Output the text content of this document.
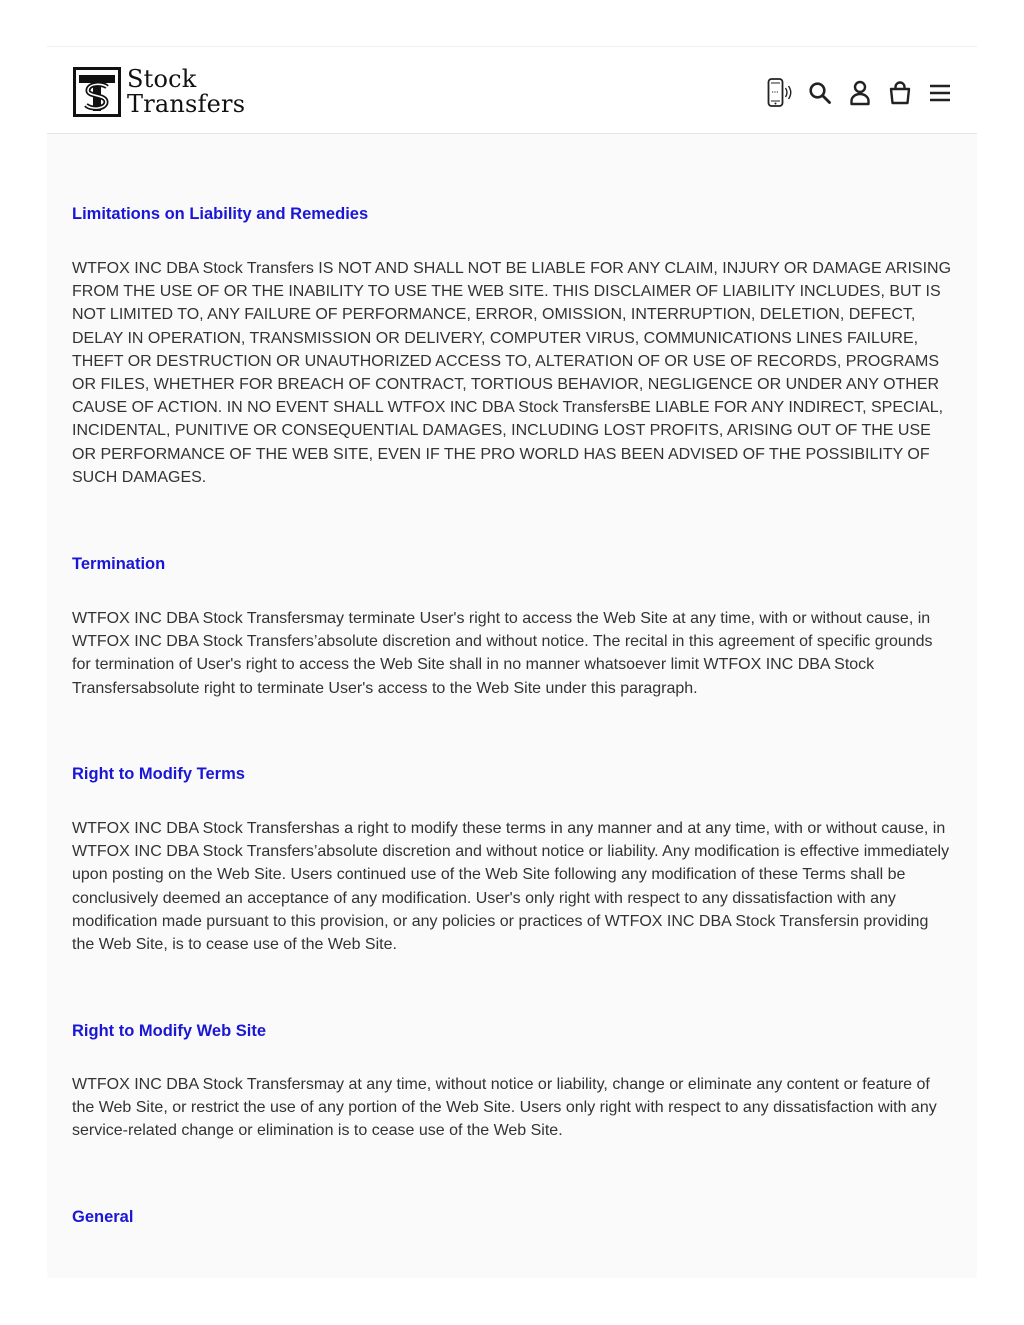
Limitations on Liability and Remedies

WTFOX INC DBA Stock Transfers IS NOT AND SHALL NOT BE LIABLE FOR ANY CLAIM, INJURY OR DAMAGE ARISING FROM THE USE OF OR THE INABILITY TO USE THE WEB SITE. THIS DISCLAIMER OF LIABILITY INCLUDES, BUT IS NOT LIMITED TO, ANY FAILURE OF PERFORMANCE, ERROR, OMISSION, INTERRUPTION, DELETION, DEFECT, DELAY IN OPERATION, TRANSMISSION OR DELIVERY, COMPUTER VIRUS, COMMUNICATIONS LINES FAILURE, THEFT OR DESTRUCTION OR UNAUTHORIZED ACCESS TO, ALTERATION OF OR USE OF RECORDS, PROGRAMS OR FILES, WHETHER FOR BREACH OF CONTRACT, TORTIOUS BEHAVIOR, NEGLIGENCE OR UNDER ANY OTHER CAUSE OF ACTION. IN NO EVENT SHALL WTFOX INC DBA Stock TransfersBE LIABLE FOR ANY INDIRECT, SPECIAL, INCIDENTAL, PUNITIVE OR CONSEQUENTIAL DAMAGES, INCLUDING LOST PROFITS, ARISING OUT OF THE USE OR PERFORMANCE OF THE WEB SITE, EVEN IF THE PRO WORLD HAS BEEN ADVISED OF THE POSSIBILITY OF SUCH DAMAGES.

Termination

WTFOX INC DBA Stock Transfersmay terminate User's right to access the Web Site at any time, with or without cause, in WTFOX INC DBA Stock Transfers’absolute discretion and without notice. The recital in this agreement of specific grounds for termination of User's right to access the Web Site shall in no manner whatsoever limit WTFOX INC DBA Stock Transfersabsolute right to terminate User's access to the Web Site under this paragraph.

Right to Modify Terms

WTFOX INC DBA Stock Transfershas a right to modify these terms in any manner and at any time, with or without cause, in WTFOX INC DBA Stock Transfers’absolute discretion and without notice or liability. Any modification is effective immediately upon posting on the Web Site. Users continued use of the Web Site following any modification of these Terms shall be conclusively deemed an acceptance of any modification. User's only right with respect to any dissatisfaction with any modification made pursuant to this provision, or any policies or practices of WTFOX INC DBA Stock Transfersin providing the Web Site, is to cease use of the Web Site.

Right to Modify Web Site

WTFOX INC DBA Stock Transfersmay at any time, without notice or liability, change or eliminate any content or feature of the Web Site, or restrict the use of any portion of the Web Site. Users only right with respect to any dissatisfaction with any service-related change or elimination is to cease use of the Web Site.

General
Stock
Transfers
